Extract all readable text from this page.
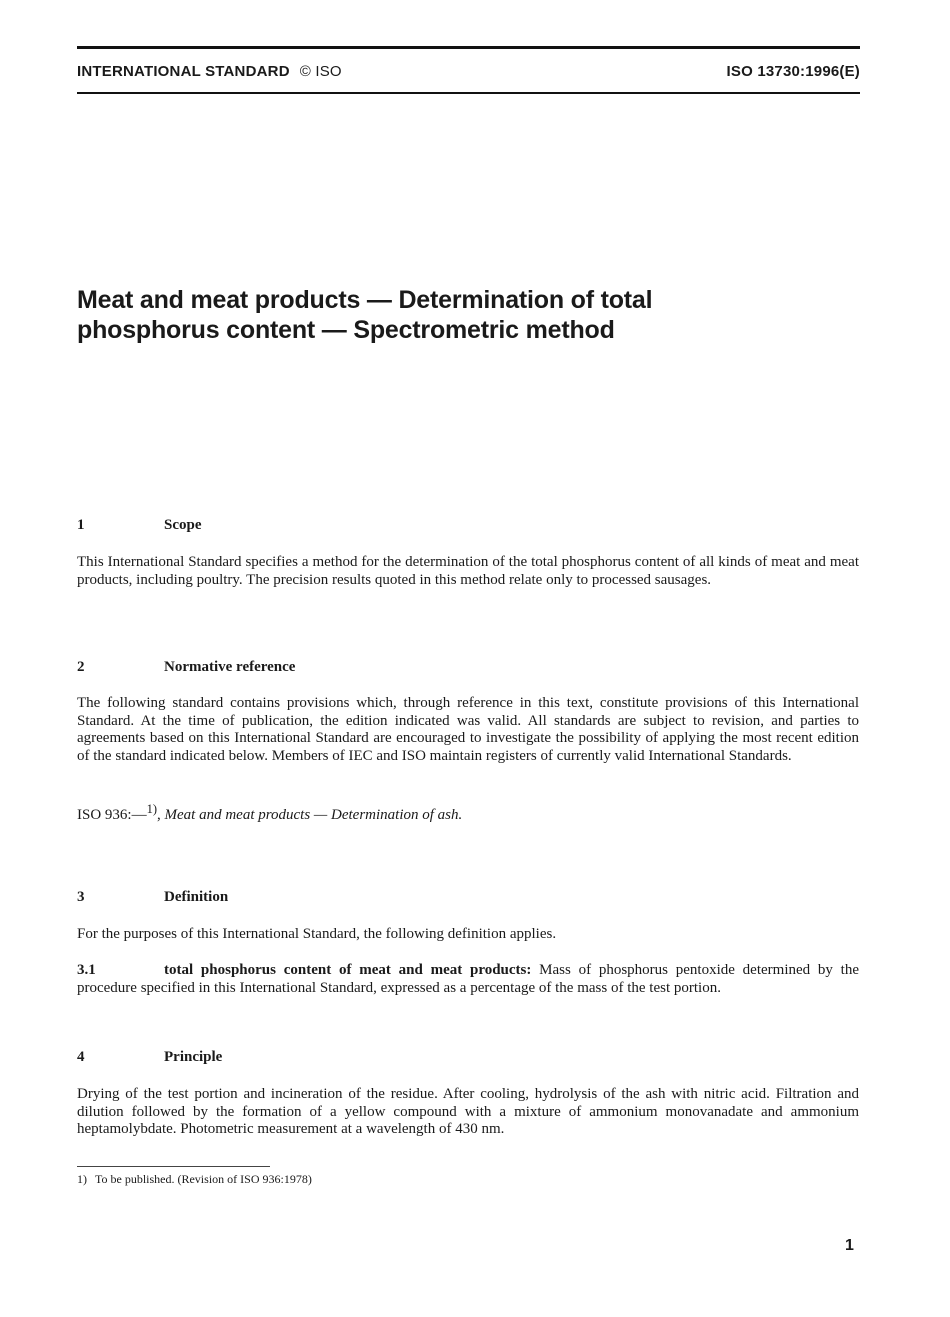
INTERNATIONAL STANDARD © ISO	ISO 13730:1996(E)
Meat and meat products — Determination of total
phosphorus content — Spectrometric method
1	Scope

This International Standard specifies a method for the determination of the total phosphorus content of all kinds of meat and meat products, including poultry. The precision results quoted in this method relate only to processed sausages.

2	Normative reference

The following standard contains provisions which, through reference in this text, constitute provisions of this International Standard. At the time of publication, the edition indicated was valid. All standards are subject to revision, and parties to agreements based on this International Standard are encouraged to investigate the possibility of applying the most recent edition of the standard indicated below. Members of IEC and ISO maintain registers of currently valid International Standards.

ISO 936:—$^{1)}$, Meat and meat products — Determination of ash.

3	Definition

For the purposes of this International Standard, the following definition applies.

3.1	total phosphorus content of meat and meat products: Mass of phosphorus pentoxide determined by the procedure specified in this International Standard, expressed as a percentage of the mass of the test portion.

4	Principle

Drying of the test portion and incineration of the residue. After cooling, hydrolysis of the ash with nitric acid. Filtration and dilution followed by the formation of a yellow compound with a mixture of ammonium monovanadate and ammonium heptamolybdate. Photometric measurement at a wavelength of 430 nm.

1) To be published. (Revision of ISO 936:1978)
1
